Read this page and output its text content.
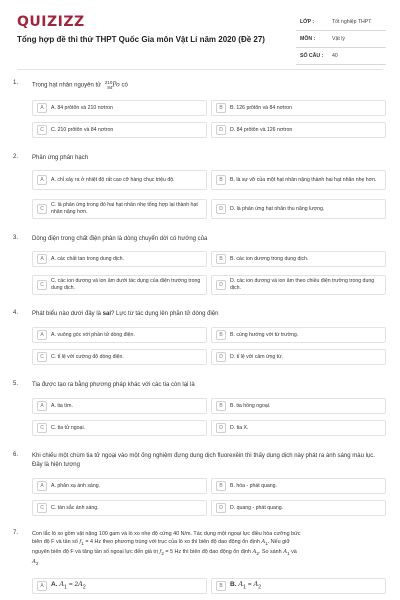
QUIZIZZ
Tổng hợp đề thi thử THPT Quốc Gia môn Vật Lí năm 2020 (Đề 27)
LỚP :	Tốt nghiệp THPT
MÔN :	Vật lý
SỐ CÂU :	40
1. Trong hạt nhân nguyên tử
210
84 Po có
A	A. 84 prôtôn và 210 nơtron	B	B. 126 prôtôn và 84 nơtron
C	C. 210 prôtôn và 84 nơtron	D	D. 84 prôtôn và 126 nơtron
2. Phản ứng phân hạch
A	A. chỉ xảy ra ở nhiệt độ rất cao cỡ hàng chục triệu độ.	B	B. là sự vỡ của một hạt nhân nặng thành hai hạt nhân nhẹ hơn.
C
C. là phản ứng trong đó hai hạt nhân nhẹ tổng hợp lại thành hạt nhân nặng hơn.	D	D. là phản ứng hạt nhân thu năng lượng.
3. Dòng điện trong chất điện phân là dòng chuyển dời có hướng của
A	A. các chất tan trong dung dịch.	B	B. các ion dương trong dung dịch.
C
C. các ion dương và ion âm dưới tác dụng của điện trường trong dung dịch.	D
D. các ion dương và ion âm theo chiều điện trường trong dung dịch.
4. Phát biểu nào dưới đây là sai? Lực từ tác dụng lên phần tử dòng điện
A	A. vuông góc với phần tử dòng điện.	B	B. cùng hướng với từ trường.
C	C. tỉ lệ với cường độ dòng điện.	D	D. tỉ lệ với cảm ứng từ.
5. Tia được tạo ra bằng phương pháp khác với các tia còn lại là
A	A. tia tím.	B	B. tia hồng ngoại.
C	C. tia tử ngoại.	D	D. tia X.
6. Khi chiếu một chùm tia tử ngoại vào một ống nghiệm đựng dung dịch fluorexêin thì thấy dung dịch này phát ra ánh sáng màu lục. Đây là hiện tượng
A	A. phản xạ ánh sáng.	B	B. hóa - phát quang.
C	C. tán sắc ánh sáng.	D	D. quang - phát quang.
7.	Con lắc lò xo gồm vật nặng 100 gam và lò xo nhẹ độ cứng 40 N/m. Tác dụng một ngoại lực điều hòa cưỡng bức
biên độ F và tần số $f_1 = 4$ Hz theo phương trùng với trục của lò xo thì biên độ dao động ổn định $A_1$. Nếu giữ
nguyên biên độ F và tăng tần số ngoại lực đến giá trị $f_2 = 5$ Hz thì biên độ dao động ổn định $A_2$. So sánh $A_1$ và
$A_2$
A	A. $A_1 = 2A_2$	B	B. $A_1 = A_2$
